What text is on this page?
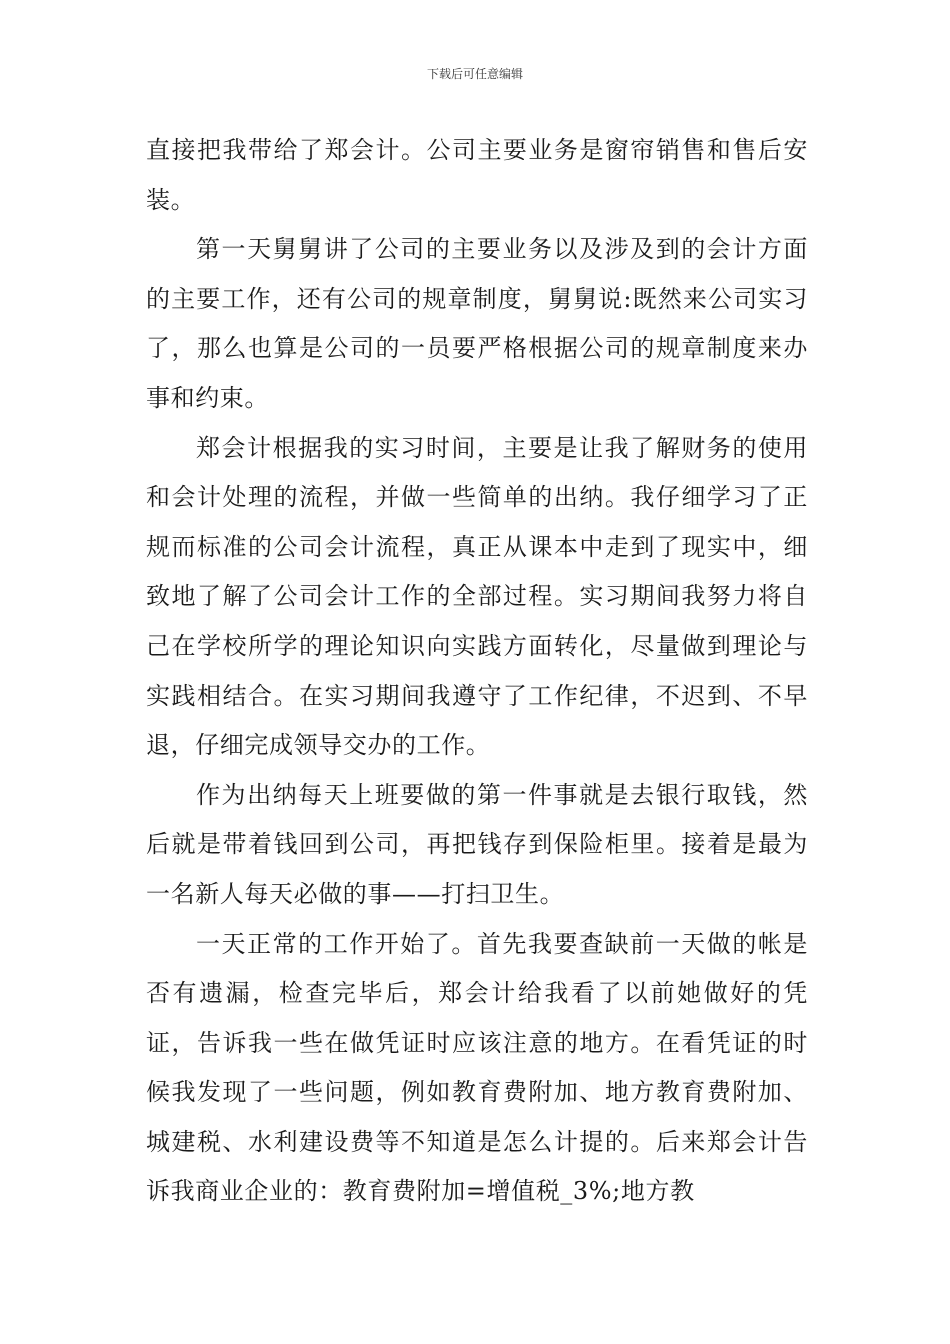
下载后可任意编辑

直接把我带给了郑会计。公司主要业务是窗帘销售和售后安装。

第一天舅舅讲了公司的主要业务以及涉及到的会计方面的主要工作，还有公司的规章制度，舅舅说:既然来公司实习了，那么也算是公司的一员要严格根据公司的规章制度来办事和约束。

郑会计根据我的实习时间，主要是让我了解财务的使用和会计处理的流程，并做一些简单的出纳。我仔细学习了正规而标准的公司会计流程，真正从课本中走到了现实中，细致地了解了公司会计工作的全部过程。实习期间我努力将自己在学校所学的理论知识向实践方面转化，尽量做到理论与实践相结合。在实习期间我遵守了工作纪律，不迟到、不早退，仔细完成领导交办的工作。

作为出纳每天上班要做的第一件事就是去银行取钱，然后就是带着钱回到公司，再把钱存到保险柜里。接着是最为一名新人每天必做的事——打扫卫生。

一天正常的工作开始了。首先我要查缺前一天做的帐是否有遗漏，检查完毕后，郑会计给我看了以前她做好的凭证，告诉我一些在做凭证时应该注意的地方。在看凭证的时候我发现了一些问题，例如教育费附加、地方教育费附加、城建税、水利建设费等不知道是怎么计提的。后来郑会计告诉我商业企业的：教育费附加=增值税_3%;地方教
